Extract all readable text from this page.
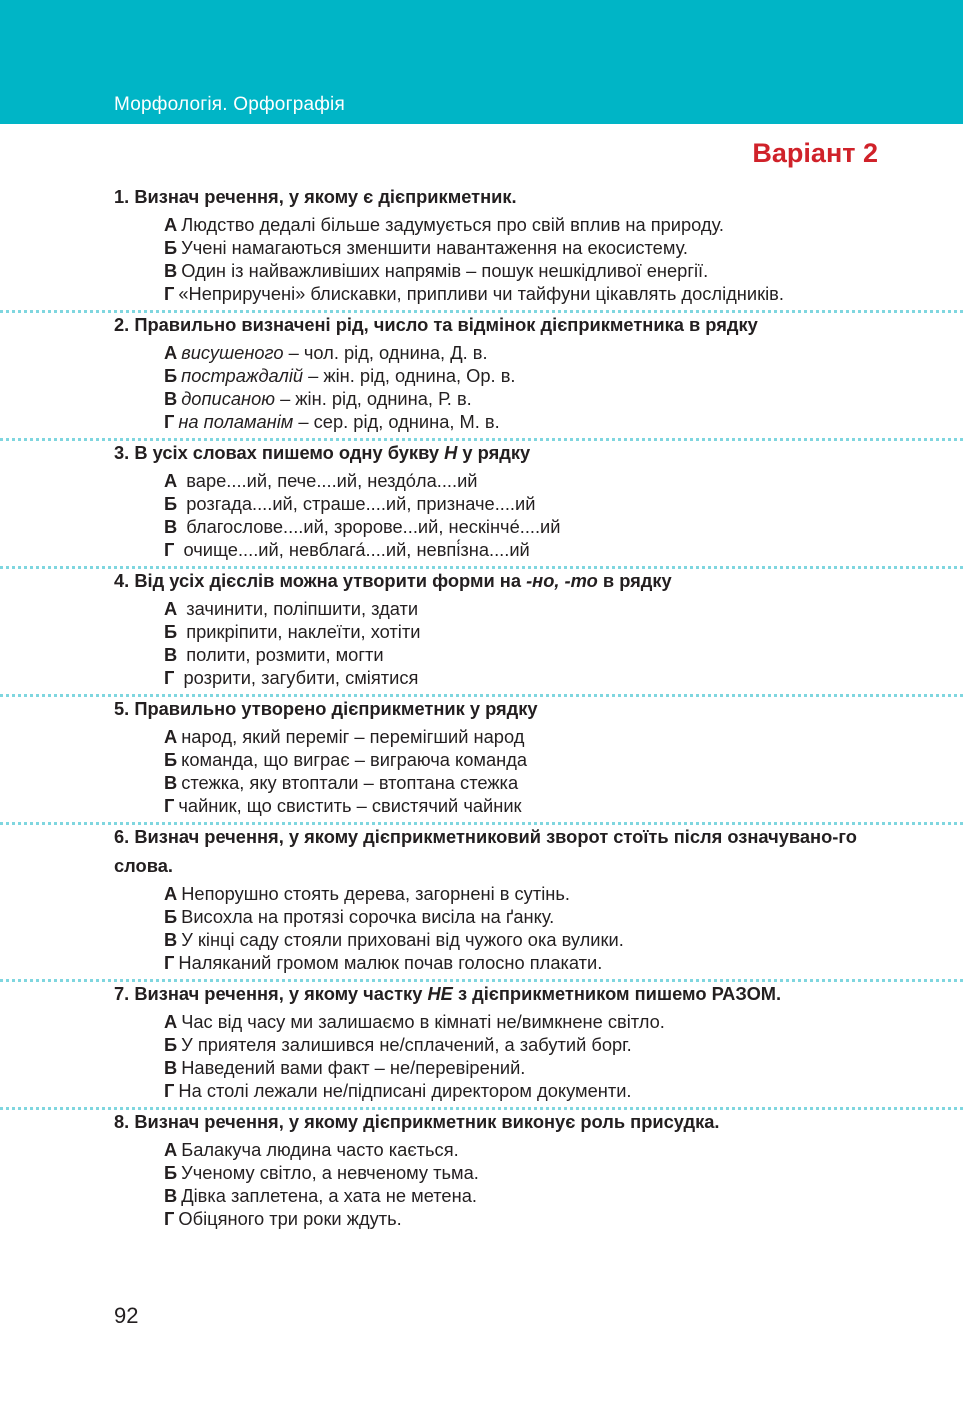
Морфологія. Орфографія
Варіант 2

1. Визнач речення, у якому є дієприкметник.

А Людство дедалі більше задумується про свій вплив на природу.
Б Учені намагаються зменшити навантаження на екосистему.
В Один із найважливіших напрямів – пошук нешкідливої енергії.
Г «Неприручені» блискавки, припливи чи тайфуни цікавлять дослідників.

2. Правильно визначені рід, число та відмінок дієприкметника в рядку

А висушеного – чол. рід, однина, Д. в.
Б постраждалій – жін. рід, однина, Ор. в.
В дописаною – жін. рід, однина, Р. в.
Г на поламанім – сер. рід, однина, М. в.

3. В усіх словах пишемо одну букву Н у рядку

А варе....ий, пече....ий, нездо́ла....ий
Б розгада....ий, страше....ий, призначе....ий
В благослове....ий, зророве...ий, нескінче́....ий
Г очище....ий, невблага́....ий, невпі́зна....ий

4. Від усіх дієслів можна утворити форми на -но, -то в рядку

А зачинити, поліпшити, здати
Б прикріпити, наклеїти, хотіти
В полити, розмити, могти
Г розрити, загубити, сміятися

5. Правильно утворено дієприкметник у рядку

А народ, який переміг – перемігший народ
Б команда, що виграє – виграюча команда
В стежка, яку втоптали – втоптана стежка
Г чайник, що свистить – свистячий чайник

6. Визнач речення, у якому дієприкметниковий зворот стоїть після означувано-го слова.

А Непорушно стоять дерева, загорнені в сутінь.
Б Висохла на протязі сорочка висіла на ґанку.
В У кінці саду стояли приховані від чужого ока вулики.
Г Наляканий громом малюк почав голосно плакати.

7. Визнач речення, у якому частку НЕ з дієприкметником пишемо РАЗОМ.

А Час від часу ми залишаємо в кімнаті не/вимкнене світло.
Б У приятеля залишився не/сплачений, а забутий борг.
В Наведений вами факт – не/перевірений.
Г На столі лежали не/підписані директором документи.

8. Визнач речення, у якому дієприкметник виконує роль присудка.

А Балакуча людина часто кається.
Б Ученому світло, а невченому тьма.
В Дівка заплетена, а хата не метена.
Г Обіцяного три роки ждуть.
92
